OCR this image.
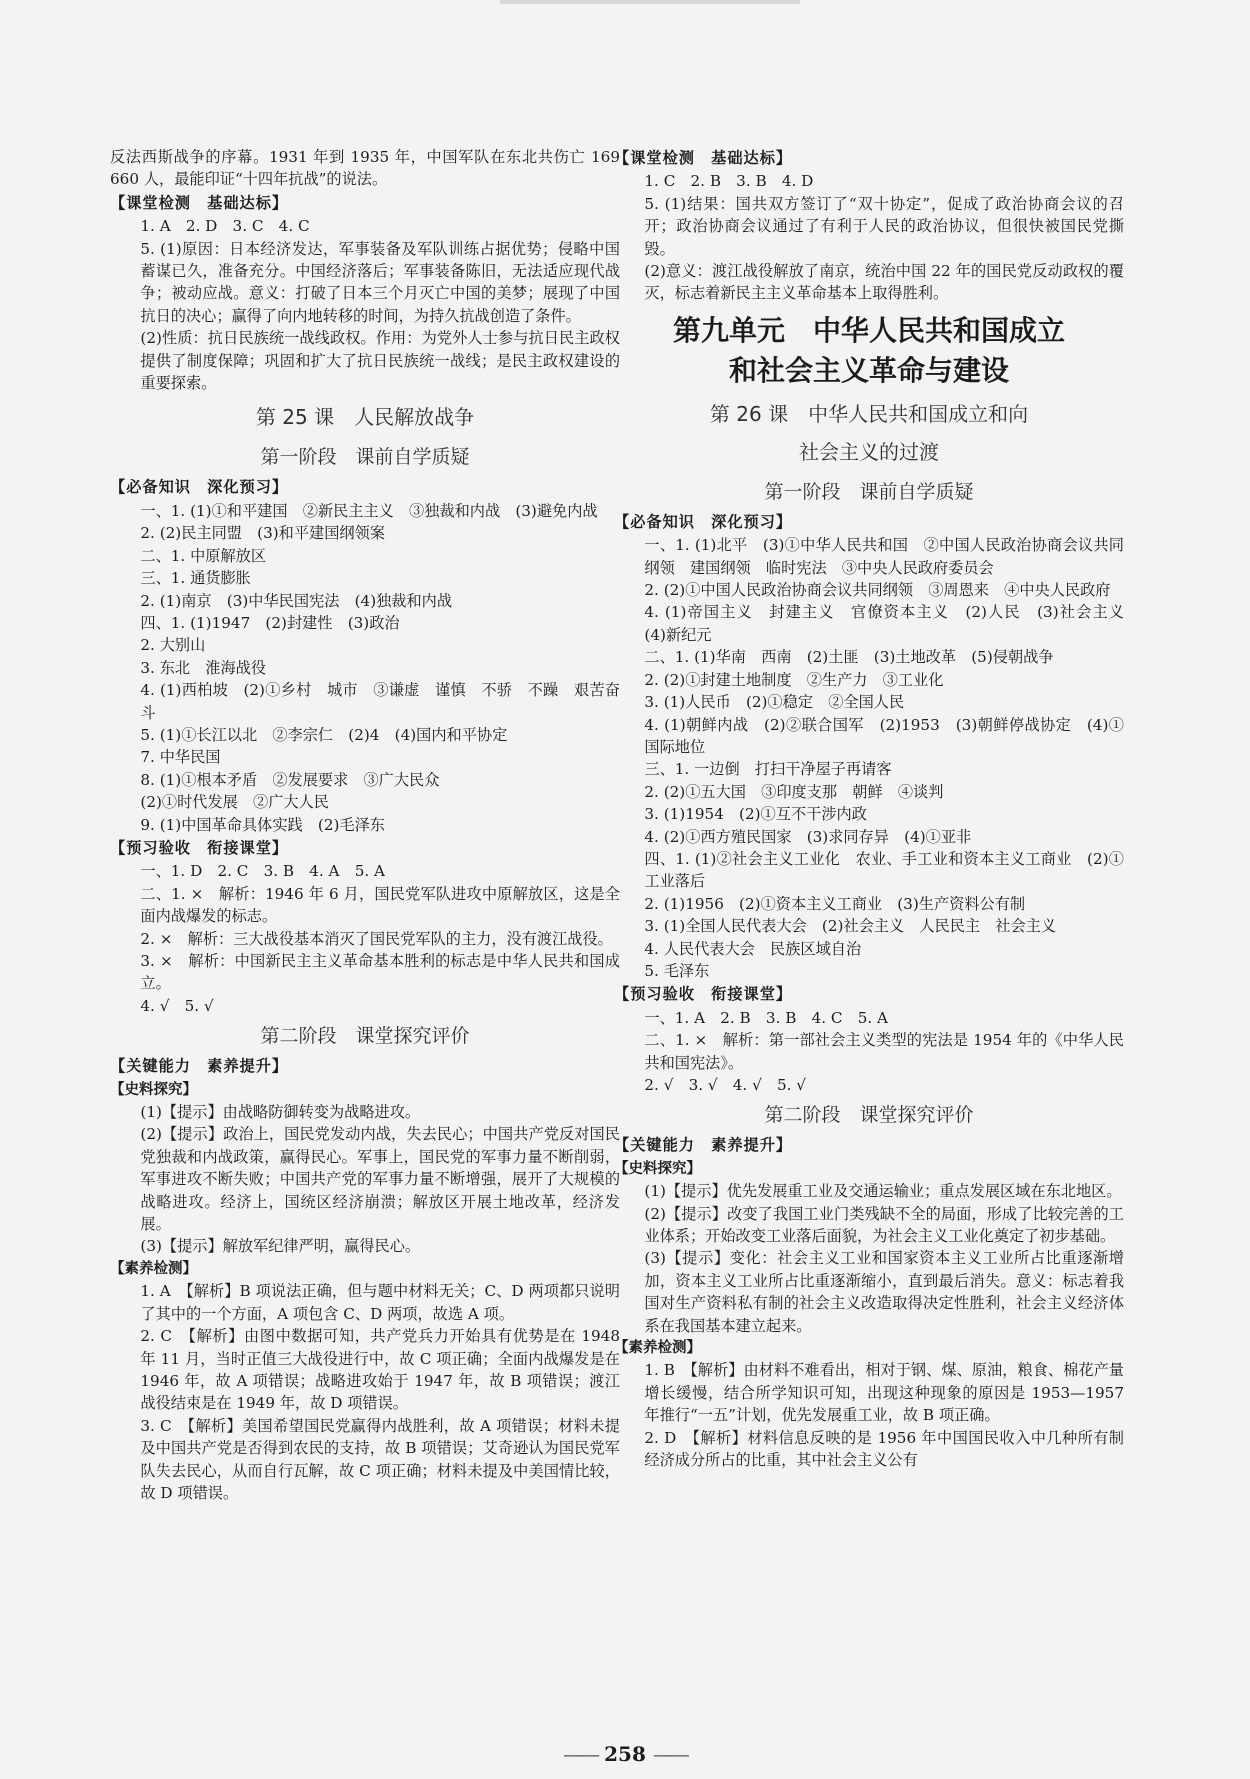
反法西斯战争的序幕。1931 年到 1935 年，中国军队在东北共伤亡 169 660 人，最能印证“十四年抗战”的说法。
【课堂检测　基础达标】
1. A　2. D　3. C　4. C
5. (1)原因：日本经济发达，军事装备及军队训练占据优势；侵略中国蓄谋已久，准备充分。中国经济落后；军事装备陈旧，无法适应现代战争；被动应战。意义：打破了日本三个月灭亡中国的美梦；展现了中国抗日的决心；赢得了向内地转移的时间，为持久抗战创造了条件。
(2)性质：抗日民族统一战线政权。作用：为党外人士参与抗日民主政权提供了制度保障；巩固和扩大了抗日民族统一战线；是民主政权建设的重要探索。
第 25 课　人民解放战争
第一阶段　课前自学质疑
【必备知识　深化预习】
一、1. (1)①和平建国　②新民主主义　③独裁和内战　(3)避免内战
2. (2)民主同盟　(3)和平建国纲领案
二、1. 中原解放区
三、1. 通货膨胀
2. (1)南京　(3)中华民国宪法　(4)独裁和内战
四、1. (1)1947　(2)封建性　(3)政治
2. 大别山
3. 东北　淮海战役
4. (1)西柏坡　(2)①乡村　城市　③谦虚　谨慎　不骄　不躁　艰苦奋斗
5. (1)①长江以北　②李宗仁　(2)4　(4)国内和平协定
7. 中华民国
8. (1)①根本矛盾　②发展要求　③广大民众
(2)①时代发展　②广大人民
9. (1)中国革命具体实践　(2)毛泽东
【预习验收　衔接课堂】
一、1. D　2. C　3. B　4. A　5. A
二、1. ×　解析：1946 年 6 月，国民党军队进攻中原解放区，这是全面内战爆发的标志。
2. ×　解析：三大战役基本消灭了国民党军队的主力，没有渡江战役。
3. ×　解析：中国新民主主义革命基本胜利的标志是中华人民共和国成立。
4. √　5. √
第二阶段　课堂探究评价
【关键能力　素养提升】
【史料探究】
(1)【提示】由战略防御转变为战略进攻。
(2)【提示】政治上，国民党发动内战，失去民心；中国共产党反对国民党独裁和内战政策，赢得民心。军事上，国民党的军事力量不断削弱，军事进攻不断失败；中国共产党的军事力量不断增强，展开了大规模的战略进攻。经济上，国统区经济崩溃；解放区开展土地改革，经济发展。
(3)【提示】解放军纪律严明，赢得民心。
【素养检测】
1. A　【解析】B 项说法正确，但与题中材料无关；C、D 两项都只说明了其中的一个方面，A 项包含 C、D 两项，故选 A 项。
2. C　【解析】由图中数据可知，共产党兵力开始具有优势是在 1948 年 11 月，当时正值三大战役进行中，故 C 项正确；全面内战爆发是在 1946 年，故 A 项错误；战略进攻始于 1947 年，故 B 项错误；渡江战役结束是在 1949 年，故 D 项错误。
3. C　【解析】美国希望国民党赢得内战胜利，故 A 项错误；材料未提及中国共产党是否得到农民的支持，故 B 项错误；艾奇逊认为国民党军队失去民心，从而自行瓦解，故 C 项正确；材料未提及中美国情比较，故 D 项错误。
【课堂检测　基础达标】
1. C　2. B　3. B　4. D
5. (1)结果：国共双方签订了“双十协定”，促成了政治协商会议的召开；政治协商会议通过了有利于人民的政治协议，但很快被国民党撕毁。
(2)意义：渡江战役解放了南京，统治中国 22 年的国民党反动政权的覆灭，标志着新民主主义革命基本上取得胜利。
第九单元　中华人民共和国成立
和社会主义革命与建设
第 26 课　中华人民共和国成立和向
社会主义的过渡
第一阶段　课前自学质疑
【必备知识　深化预习】
一、1. (1)北平　(3)①中华人民共和国　②中国人民政治协商会议共同纲领　建国纲领　临时宪法　③中央人民政府委员会
2. (2)①中国人民政治协商会议共同纲领　③周恩来　④中央人民政府
4. (1)帝国主义　封建主义　官僚资本主义　(2)人民　(3)社会主义　(4)新纪元
二、1. (1)华南　西南　(2)土匪　(3)土地改革　(5)侵朝战争
2. (2)①封建土地制度　②生产力　③工业化
3. (1)人民币　(2)①稳定　②全国人民
4. (1)朝鲜内战　(2)②联合国军　(2)1953　(3)朝鲜停战协定　(4)①国际地位
三、1. 一边倒　打扫干净屋子再请客
2. (2)①五大国　③印度支那　朝鲜　④谈判
3. (1)1954　(2)①互不干涉内政
4. (2)①西方殖民国家　(3)求同存异　(4)①亚非
四、1. (1)②社会主义工业化　农业、手工业和资本主义工商业　(2)①工业落后
2. (1)1956　(2)①资本主义工商业　(3)生产资料公有制
3. (1)全国人民代表大会　(2)社会主义　人民民主　社会主义
4. 人民代表大会　民族区域自治
5. 毛泽东
【预习验收　衔接课堂】
一、1. A　2. B　3. B　4. C　5. A
二、1. ×　解析：第一部社会主义类型的宪法是 1954 年的《中华人民共和国宪法》。
2. √　3. √　4. √　5. √
第二阶段　课堂探究评价
【关键能力　素养提升】
【史料探究】
(1)【提示】优先发展重工业及交通运输业；重点发展区域在东北地区。
(2)【提示】改变了我国工业门类残缺不全的局面，形成了比较完善的工业体系；开始改变工业落后面貌，为社会主义工业化奠定了初步基础。
(3)【提示】变化：社会主义工业和国家资本主义工业所占比重逐渐增加，资本主义工业所占比重逐渐缩小，直到最后消失。意义：标志着我国对生产资料私有制的社会主义改造取得决定性胜利，社会主义经济体系在我国基本建立起来。
【素养检测】
1. B　【解析】由材料不难看出，相对于钢、煤、原油，粮食、棉花产量增长缓慢，结合所学知识可知，出现这种现象的原因是 1953—1957 年推行“一五”计划，优先发展重工业，故 B 项正确。
2. D　【解析】材料信息反映的是 1956 年中国国民收入中几种所有制经济成分所占的比重，其中社会主义公有
—— 258 ——
